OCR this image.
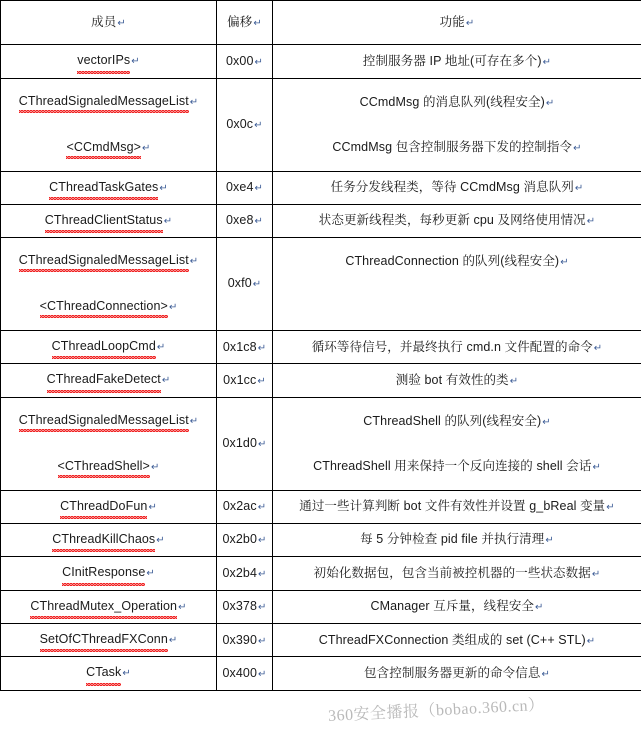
成员↵	偏移↵	功能↵

vectorIPs↵	0x00↵	控制服务器 IP 地址(可存在多个)↵

CThreadSignaledMessageList↵
<CCmdMsg>↵	0x0c↵	CCmdMsg 的消息队列(线程安全)↵
CCmdMsg 包含控制服务器下发的控制指令↵

CThreadTaskGates↵	0xe4↵	任务分发线程类，等待 CCmdMsg 消息队列↵

CThreadClientStatus↵	0xe8↵	状态更新线程类，每秒更新 cpu 及网络使用情况↵

CThreadSignaledMessageList↵
<CThreadConnection>↵	0xf0↵	CThreadConnection 的队列(线程安全)↵

CThreadLoopCmd↵	0x1c8↵	循环等待信号，并最终执行 cmd.n 文件配置的命令↵

CThreadFakeDetect↵	0x1cc↵	测验 bot 有效性的类↵

CThreadSignaledMessageList↵
<CThreadShell>↵	0x1d0↵	CThreadShell 的队列(线程安全)↵
CThreadShell 用来保持一个反向连接的 shell 会话↵

CThreadDoFun↵	0x2ac↵	通过一些计算判断 bot 文件有效性并设置 g_bReal 变量↵

CThreadKillChaos↵	0x2b0↵	每 5 分钟检查 pid file 并执行清理↵

CInitResponse↵	0x2b4↵	初始化数据包，包含当前被控机器的一些状态数据↵

CThreadMutex_Operation↵	0x378↵	CManager 互斥量，线程安全↵

SetOfCThreadFXConn↵	0x390↵	CThreadFXConnection 类组成的 set (C++ STL)↵

CTask↵	0x400↵	包含控制服务器更新的命令信息↵
360安全播报（bobao.360.cn）
